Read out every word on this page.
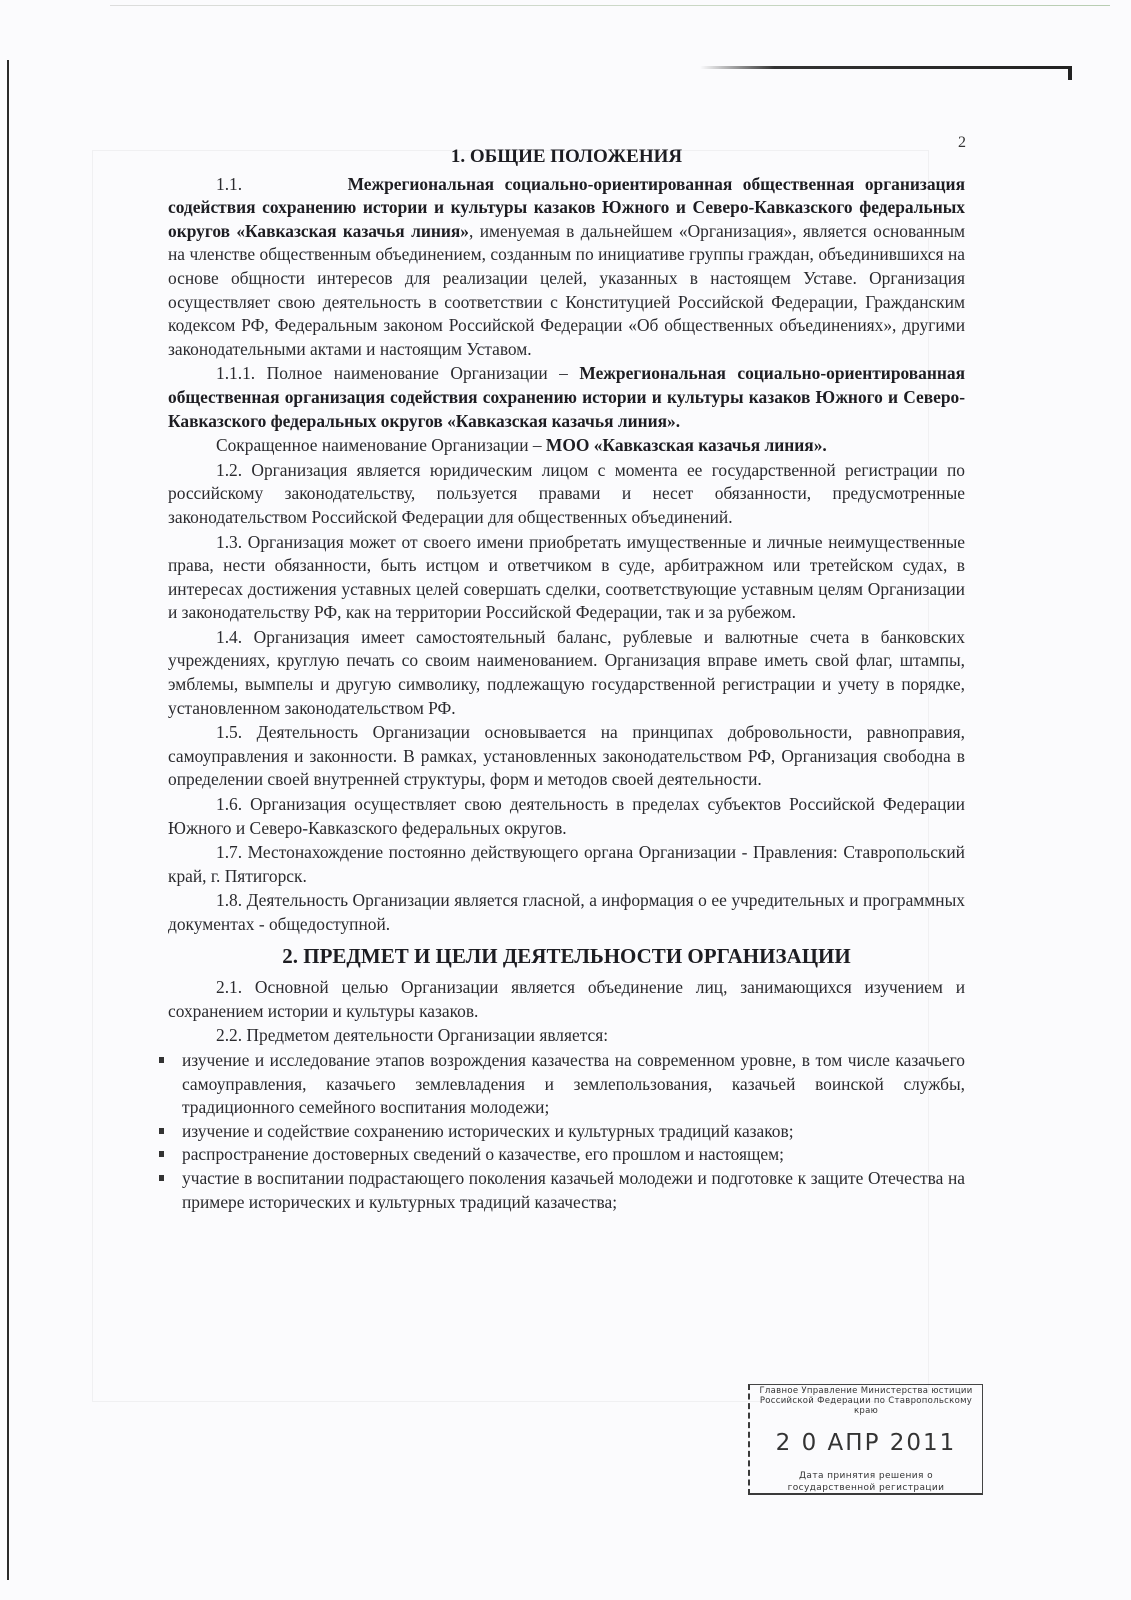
2
1. ОБЩИЕ ПОЛОЖЕНИЯ

1.1.	Межрегиональная социально-ориентированная общественная организация содействия сохранению истории и культуры казаков Южного и Северо-Кавказского федеральных округов «Кавказская казачья линия», именуемая в дальнейшем «Организация», является основанным на членстве общественным объединением, созданным по инициативе группы граждан, объединившихся на основе общности интересов для реализации целей, указанных в настоящем Уставе. Организация осуществляет свою деятельность в соответствии с Конституцией Российской Федерации, Гражданским кодексом РФ, Федеральным законом Российской Федерации «Об общественных объединениях», другими законодательными актами и настоящим Уставом.

1.1.1. Полное наименование Организации – Межрегиональная социально-ориентированная общественная организация содействия сохранению истории и культуры казаков Южного и Северо-Кавказского федеральных округов «Кавказская казачья линия».

Сокращенное наименование Организации – МОО «Кавказская казачья линия».

1.2. Организация является юридическим лицом с момента ее государственной регистрации по российскому законодательству, пользуется правами и несет обязанности, предусмотренные законодательством Российской Федерации для общественных объединений.

1.3. Организация может от своего имени приобретать имущественные и личные неимущественные права, нести обязанности, быть истцом и ответчиком в суде, арбитражном или третейском судах, в интересах достижения уставных целей совершать сделки, соответствующие уставным целям Организации и законодательству РФ, как на территории Российской Федерации, так и за рубежом.

1.4. Организация имеет самостоятельный баланс, рублевые и валютные счета в банковских учреждениях, круглую печать со своим наименованием. Организация вправе иметь свой флаг, штампы, эмблемы, вымпелы и другую символику, подлежащую государственной регистрации и учету в порядке, установленном законодательством РФ.

1.5. Деятельность Организации основывается на принципах добровольности, равноправия, самоуправления и законности. В рамках, установленных законодательством РФ, Организация свободна в определении своей внутренней структуры, форм и методов своей деятельности.

1.6. Организация осуществляет свою деятельность в пределах субъектов Российской Федерации Южного и Северо-Кавказского федеральных округов.

1.7. Местонахождение постоянно действующего органа Организации - Правления: Ставропольский край, г. Пятигорск.

1.8. Деятельность Организации является гласной, а информация о ее учредительных и программных документах - общедоступной.

2. ПРЕДМЕТ И ЦЕЛИ ДЕЯТЕЛЬНОСТИ ОРГАНИЗАЦИИ

2.1. Основной целью Организации является объединение лиц, занимающихся изучением и сохранением истории и культуры казаков.

2.2. Предметом деятельности Организации является:

изучение и исследование этапов возрождения казачества на современном уровне, в том числе казачьего самоуправления, казачьего землевладения и землепользования, казачьей воинской службы, традиционного семейного воспитания молодежи;
изучение и содействие сохранению исторических и культурных традиций казаков;
распространение достоверных сведений о казачестве, его прошлом и настоящем;
участие в воспитании подрастающего поколения казачьей молодежи и подготовке к защите Отечества на примере исторических и культурных традиций казачества;
Главное Управление Министерства юстиции Российской Федерации по Ставропольскому краю
2 0 АПР 2011
Дата принятия решения о
государственной регистрации
